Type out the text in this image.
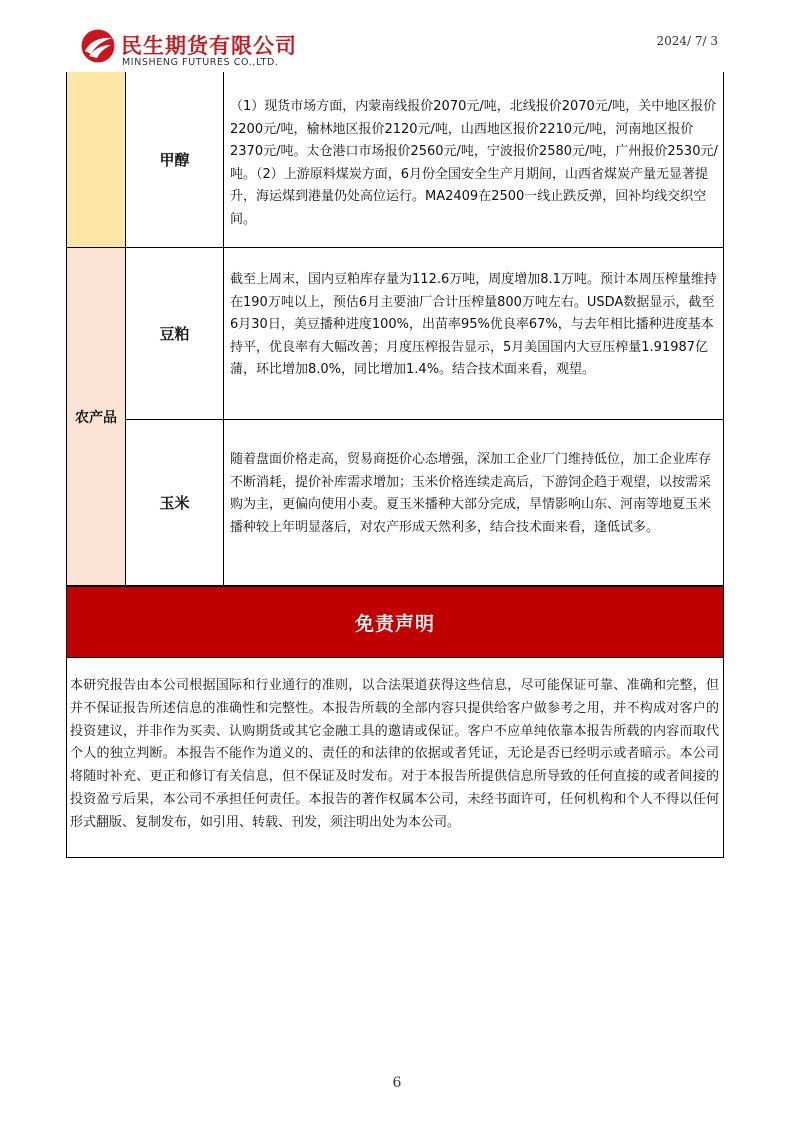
民生期货有限公司
MINSHENG FUTURES CO.,LTD.
2024/ 7/ 3
农产品
甲醇
（1）现货市场方面，内蒙南线报价2070元/吨，北线报价2070元/吨，关中地区报价2200元/吨，榆林地区报价2120元/吨，山西地区报价2210元/吨，河南地区报价2370元/吨。太仓港口市场报价2560元/吨，宁波报价2580元/吨，广州报价2530元/吨。（2）上游原料煤炭方面，6月份全国安全生产月期间，山西省煤炭产量无显著提升，海运煤到港量仍处高位运行。MA2409在2500一线止跌反弹，回补均线交织空间。
豆粕
截至上周末，国内豆粕库存量为112.6万吨，周度增加8.1万吨。预计本周压榨量维持在190万吨以上，预估6月主要油厂合计压榨量800万吨左右。USDA数据显示，截至6月30日，美豆播种进度100%，出苗率95%优良率67%，与去年相比播种进度基本持平，优良率有大幅改善；月度压榨报告显示，5月美国国内大豆压榨量1.91987亿蒲，环比增加8.0%，同比增加1.4%。结合技术面来看，观望。
玉米
随着盘面价格走高，贸易商挺价心态增强，深加工企业厂门维持低位，加工企业库存不断消耗，提价补库需求增加；玉米价格连续走高后，下游饲企趋于观望，以按需采购为主，更偏向使用小麦。夏玉米播种大部分完成，旱情影响山东、河南等地夏玉米播种较上年明显落后，对农产形成天然利多，结合技术面来看，逢低试多。
免责声明
本研究报告由本公司根据国际和行业通行的准则，以合法渠道获得这些信息，尽可能保证可靠、准确和完整，但并不保证报告所述信息的准确性和完整性。本报告所载的全部内容只提供给客户做参考之用，并不构成对客户的投资建议，并非作为买卖、认购期货或其它金融工具的邀请或保证。客户不应单纯依靠本报告所载的内容而取代个人的独立判断。本报告不能作为道义的、责任的和法律的依据或者凭证，无论是否已经明示或者暗示。本公司将随时补充、更正和修订有关信息，但不保证及时发布。对于本报告所提供信息所导致的任何直接的或者间接的投资盈亏后果，本公司不承担任何责任。本报告的著作权属本公司，未经书面许可，任何机构和个人不得以任何形式翻版、复制发布，如引用、转载、刊发，须注明出处为本公司。
6
